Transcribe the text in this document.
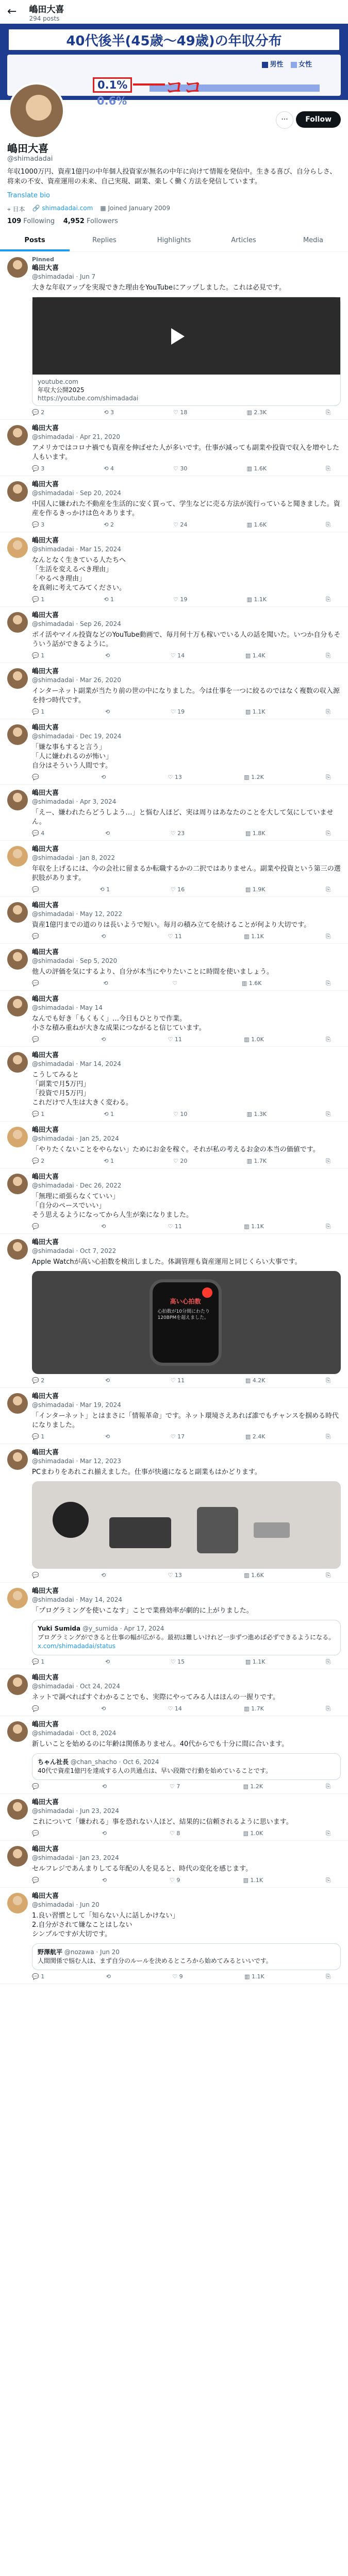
← 嶋田大喜
294 posts
40代後半(45歳〜49歳)の年収分布
男性 女性
0.1%
0.6%
ココ
···	Follow
嶋田大喜
@shimadadai
年収1000万円、資産1億円の中年個人投資家が無名の中年に向けて情報を発信中。生きる喜び、自分らしさ、将来の不安、資産運用の未来、自己実現、副業、楽しく働く方法を発信しています。
Translate bio
⌖ 日本 🔗 shimadadai.com ▦ Joined January 2009
109 Following 4,952 Followers
Posts	Replies	Highlights	Articles	Media
Pinned
嶋田大喜
@shimadadai · Jun 7
大きな年収アップを実現できた理由をYouTubeにアップしました。これは必見です。
youtube.com
年収大公開2025
https://youtube.com/shimadadai
💬 2	⟲ 3	♡ 18	▥ 2.3K	⎘
嶋田大喜
@shimadadai · Apr 21, 2020
アメリカではコロナ禍でも資産を伸ばせた人が多いです。仕事が減っても副業や投資で収入を増やした人もいます。
💬 3	⟲ 4	♡ 30	▥ 1.6K	⎘
嶋田大喜
@shimadadai · Sep 20, 2024
中国人に嫌われた不動産を生活的に安く買って、学生などに売る方法が流行っていると聞きました。資産を作るきっかけは色々あります。
💬 3	⟲ 2	♡ 24	▥ 1.6K	⎘
嶋田大喜
@shimadadai · Mar 15, 2024
なんとなく生きている人たちへ
「生活を変えるべき理由」
「やるべき理由」
を真剣に考えてみてください。
💬 1	⟲ 1	♡ 19	▥ 1.1K	⎘
嶋田大喜
@shimadadai · Sep 26, 2024
ポイ活やマイル投資などのYouTube動画で、毎月何十万も稼いでいる人の話を聞いた。いつか自分もそういう話ができるように。
💬 1	⟲	♡ 14	▥ 1.4K	⎘
嶋田大喜
@shimadadai · Mar 26, 2020
インターネット副業が当たり前の世の中になりました。今は仕事を一つに絞るのではなく複数の収入源を持つ時代です。
💬 1	⟲	♡ 19	▥ 1.1K	⎘
嶋田大喜
@shimadadai · Dec 19, 2024
「嫌な事もすると言う」
「人に嫌われるのが怖い」
自分はそういう人間です。
💬	⟲	♡ 13	▥ 1.2K	⎘
嶋田大喜
@shimadadai · Apr 3, 2024
「えー、嫌われたらどうしよう…」と悩む人ほど、実は周りはあなたのことを大して気にしていません。
💬 4	⟲	♡ 23	▥ 1.8K	⎘
嶋田大喜
@shimadadai · Jan 8, 2022
年収を上げるには、今の会社に留まるか転職するかの二択ではありません。副業や投資という第三の選択肢があります。
💬	⟲ 1	♡ 16	▥ 1.9K	⎘
嶋田大喜
@shimadadai · May 12, 2022
資産1億円までの道のりは長いようで短い。毎月の積み立てを続けることが何より大切です。
💬	⟲	♡ 11	▥ 1.1K	⎘
嶋田大喜
@shimadadai · Sep 5, 2020
他人の評価を気にするより、自分が本当にやりたいことに時間を使いましょう。
💬	⟲	♡	▥ 1.6K	⎘
嶋田大喜
@shimadadai · May 14
なんでも好き「もくもく」…今日もひとりで作業。
小さな積み重ねが大きな成果につながると信じています。
💬	⟲	♡ 11	▥ 1.0K	⎘
嶋田大喜
@shimadadai · Mar 14, 2024
こうしてみると
「副業で月5万円」
「投資で月5万円」
これだけで人生は大きく変わる。
💬 1	⟲ 1	♡ 10	▥ 1.3K	⎘
嶋田大喜
@shimadadai · Jan 25, 2024
「やりたくないことをやらない」ためにお金を稼ぐ。それが私の考えるお金の本当の価値です。
💬 2	⟲ 1	♡ 20	▥ 1.7K	⎘
嶋田大喜
@shimadadai · Dec 26, 2022
「無理に頑張らなくていい」
「自分のペースでいい」
そう思えるようになってから人生が楽になりました。
💬	⟲	♡ 11	▥ 1.1K	⎘
嶋田大喜
@shimadadai · Oct 7, 2022
Apple Watchが高い心拍数を検出しました。体調管理も資産運用と同じくらい大事です。
高い心拍数
心拍数が10分間にわたり120BPMを超えました。
💬 2	⟲	♡ 11	▥ 4.2K	⎘
嶋田大喜
@shimadadai · Mar 19, 2024
「インターネット」とはまさに「情報革命」です。ネット環境さえあれば誰でもチャンスを掴める時代になりました。
💬 1	⟲	♡ 17	▥ 2.4K	⎘
嶋田大喜
@shimadadai · Mar 12, 2023
PCまわりをあれこれ揃えました。仕事が快適になると副業もはかどります。
💬	⟲	♡ 13	▥ 1.6K	⎘
嶋田大喜
@shimadadai · May 14, 2024
「プログラミングを使いこなす」ことで業務効率が劇的に上がりました。
Yuki Sumida @y_sumida · Apr 17, 2024
プログラミングができると仕事の幅が広がる。最初は難しいけれど一歩ずつ進めば必ずできるようになる。
x.com/shimadadai/status
💬 1	⟲	♡ 15	▥ 1.1K	⎘
嶋田大喜
@shimadadai · Oct 24, 2024
ネットで調べればすぐわかることでも、実際にやってみる人はほんの一握りです。
💬	⟲	♡ 14	▥ 1.7K	⎘
嶋田大喜
@shimadadai · Oct 8, 2024
新しいことを始めるのに年齢は関係ありません。40代からでも十分に間に合います。
ちゃん社長 @chan_shacho · Oct 6, 2024
40代で資産1億円を達成する人の共通点は、早い段階で行動を始めていることです。
💬	⟲	♡ 7	▥ 1.2K	⎘
嶋田大喜
@shimadadai · Jun 23, 2024
これについて「嫌われる」事を恐れない人ほど、結果的に信頼されるように思います。
💬	⟲	♡ 8	▥ 1.0K	⎘
嶋田大喜
@shimadadai · Jan 23, 2024
セルフレジであんまりしてる年配の人を見ると、時代の変化を感じます。
💬	⟲	♡ 9	▥ 1.1K	⎘
嶋田大喜
@shimadadai · Jun 20
1.良い習慣として「知らない人に話しかけない」
2.自分がされて嫌なことはしない
シンプルですが大切です。
野澤航平 @nozawa · Jun 20
人間関係で悩む人は、まず自分のルールを決めるところから始めてみるといいです。
💬 1	⟲	♡ 9	▥ 1.1K	⎘
